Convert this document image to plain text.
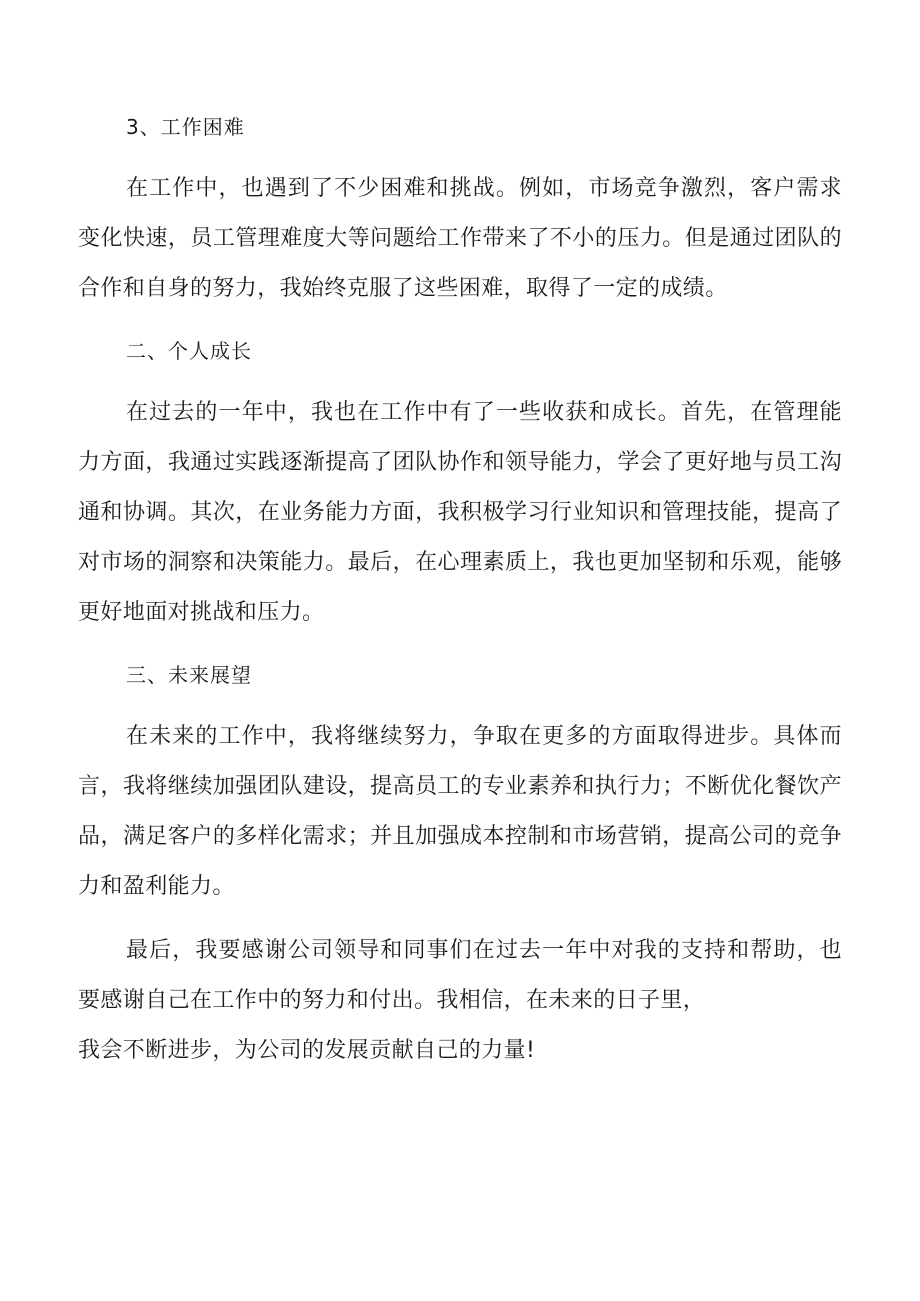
3、工作困难

在工作中，也遇到了不少困难和挑战。例如，市场竞争激烈，客户需求变化快速，员工管理难度大等问题给工作带来了不小的压力。但是通过团队的合作和自身的努力，我始终克服了这些困难，取得了一定的成绩。

二、个人成长

在过去的一年中，我也在工作中有了一些收获和成长。首先，在管理能力方面，我通过实践逐渐提高了团队协作和领导能力，学会了更好地与员工沟通和协调。其次，在业务能力方面，我积极学习行业知识和管理技能，提高了对市场的洞察和决策能力。最后，在心理素质上，我也更加坚韧和乐观，能够更好地面对挑战和压力。

三、未来展望

在未来的工作中，我将继续努力，争取在更多的方面取得进步。具体而言，我将继续加强团队建设，提高员工的专业素养和执行力；不断优化餐饮产品，满足客户的多样化需求；并且加强成本控制和市场营销，提高公司的竞争力和盈利能力。

最后，我要感谢公司领导和同事们在过去一年中对我的支持和帮助，也要感谢自己在工作中的努力和付出。我相信，在未来的日子里，

我会不断进步，为公司的发展贡献自己的力量!
